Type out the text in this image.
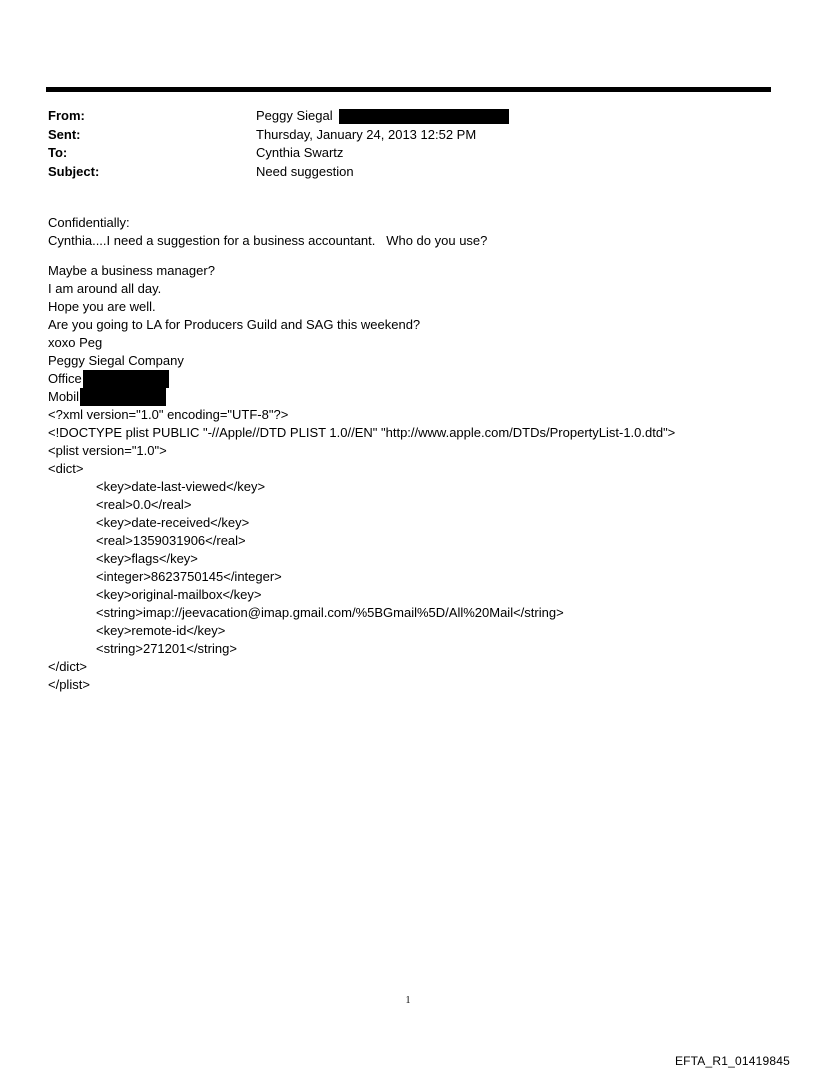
From:	Peggy Siegal
Sent:	Thursday, January 24, 2013 12:52 PM
To:	Cynthia Swartz
Subject:	Need suggestion
Confidentially:
Cynthia....I need a suggestion for a business accountant.   Who do you use?
Maybe a business manager?
I am around all day.
Hope you are well.
Are you going to LA for Producers Guild and SAG this weekend?
xoxo Peg
Peggy Siegal Company
Office
Mobil
<?xml version="1.0" encoding="UTF-8"?>
<!DOCTYPE plist PUBLIC "-//Apple//DTD PLIST 1.0//EN" "http://www.apple.com/DTDs/PropertyList-1.0.dtd">
<plist version="1.0">
<dict>
<key>date-last-viewed</key>
<real>0.0</real>
<key>date-received</key>
<real>1359031906</real>
<key>flags</key>
<integer>8623750145</integer>
<key>original-mailbox</key>
<string>imap://jeevacation@imap.gmail.com/%5BGmail%5D/All%20Mail</string>
<key>remote-id</key>
<string>271201</string>
</dict>
</plist>
1
EFTA_R1_01419845
